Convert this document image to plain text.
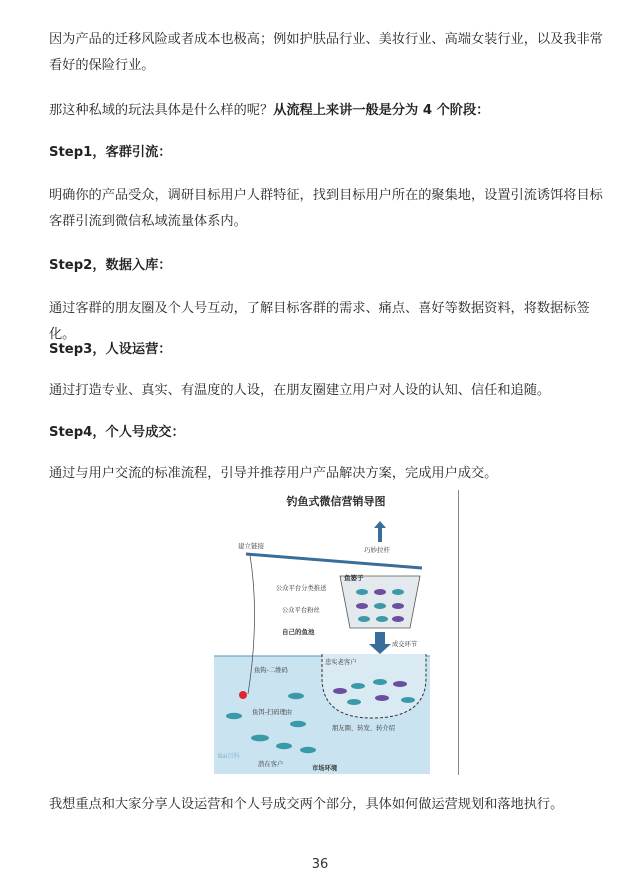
因为产品的迁移风险或者成本也极高；例如护肤品行业、美妆行业、高端女装行业，以及我非常看好的保险行业。

那这种私域的玩法具体是什么样的呢？从流程上来讲一般是分为 4 个阶段：

Step1，客群引流：

明确你的产品受众，调研目标用户人群特征，找到目标用户所在的聚集地，设置引流诱饵将目标客群引流到微信私域流量体系内。

Step2，数据入库：

通过客群的朋友圈及个人号互动，了解目标客群的需求、痛点、喜好等数据资料，将数据标签化。

Step3，人设运营：

通过打造专业、真实、有温度的人设，在朋友圈建立用户对人设的认知、信任和追随。

Step4，个人号成交：

通过与用户交流的标准流程，引导并推荐用户产品解决方案，完成用户成交。

钓鱼式微信营销导图
建立链接	巧妙拉杆
鱼篓子
公众平台分类推送
公众平台粉丝
成交环节
自己的鱼池
忠实老客户
鱼钩-二维码
鱼饵-扫码理由
朋友圈、转发、转介绍
潜在客户
市场环境
Bai百科

我想重点和大家分享人设运营和个人号成交两个部分，具体如何做运营规划和落地执行。

36
